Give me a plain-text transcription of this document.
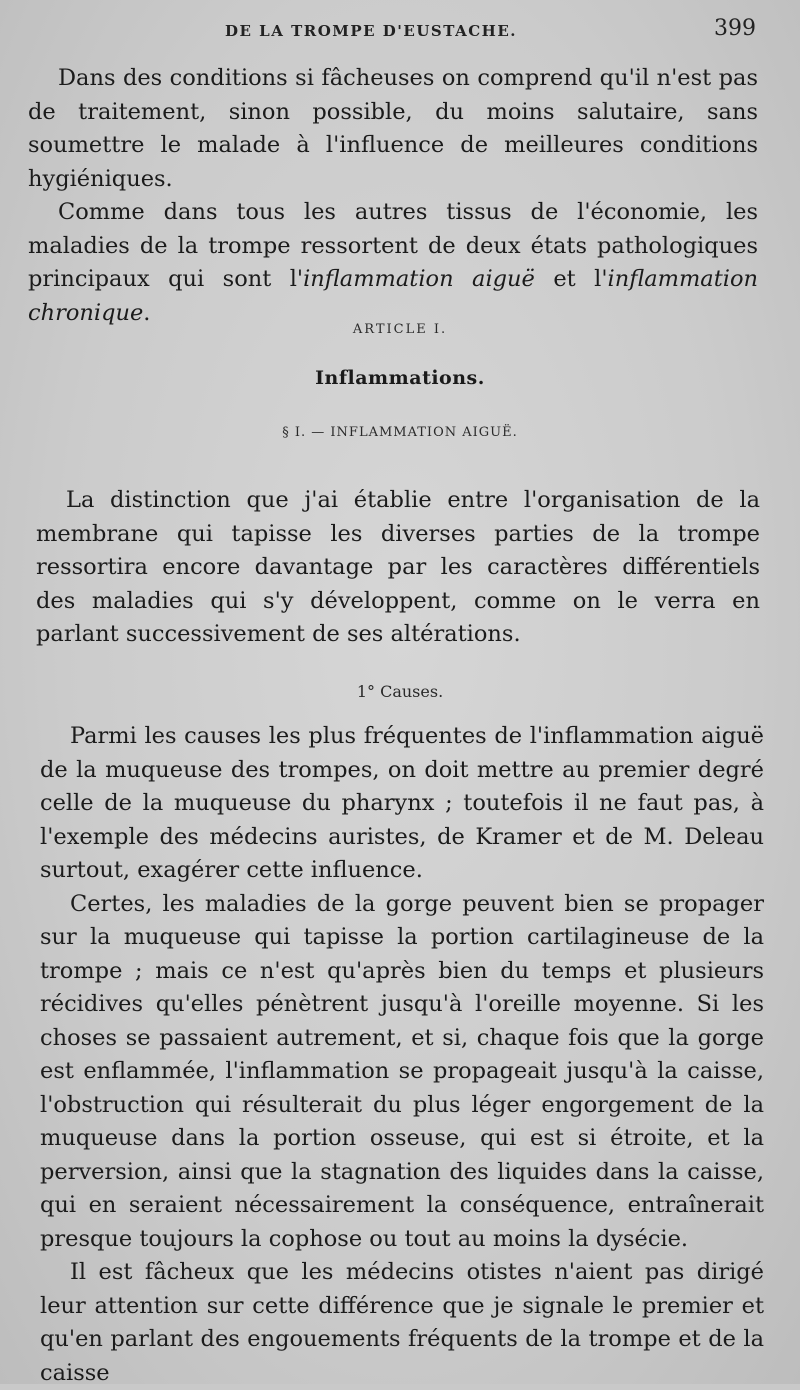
DE LA TROMPE D'EUSTACHE.	399

Dans des conditions si fâcheuses on comprend qu'il n'est pas de traitement, sinon possible, du moins salutaire, sans soumettre le malade à l'influence de meilleures conditions hygiéniques.

Comme dans tous les autres tissus de l'économie, les maladies de la trompe ressortent de deux états pathologiques principaux qui sont l'inflammation aiguë et l'inflammation chronique.

ARTICLE I.
Inflammations.
§ I. — INFLAMMATION AIGUË.

La distinction que j'ai établie entre l'organisation de la membrane qui tapisse les diverses parties de la trompe ressortira encore davantage par les caractères différentiels des maladies qui s'y développent, comme on le verra en parlant successivement de ses altérations.

1° Causes.

Parmi les causes les plus fréquentes de l'inflammation aiguë de la muqueuse des trompes, on doit mettre au premier degré celle de la muqueuse du pharynx ; toutefois il ne faut pas, à l'exemple des médecins auristes, de Kramer et de M. Deleau surtout, exagérer cette influence.

Certes, les maladies de la gorge peuvent bien se propager sur la muqueuse qui tapisse la portion cartilagineuse de la trompe ; mais ce n'est qu'après bien du temps et plusieurs récidives qu'elles pénètrent jusqu'à l'oreille moyenne. Si les choses se passaient autrement, et si, chaque fois que la gorge est enflammée, l'inflammation se propageait jusqu'à la caisse, l'obstruction qui résulterait du plus léger engorgement de la muqueuse dans la portion osseuse, qui est si étroite, et la perversion, ainsi que la stagnation des liquides dans la caisse, qui en seraient nécessairement la conséquence, entraînerait presque toujours la cophose ou tout au moins la dysécie.

Il est fâcheux que les médecins otistes n'aient pas dirigé leur attention sur cette différence que je signale le premier et qu'en parlant des engouements fréquents de la trompe et de la caisse
